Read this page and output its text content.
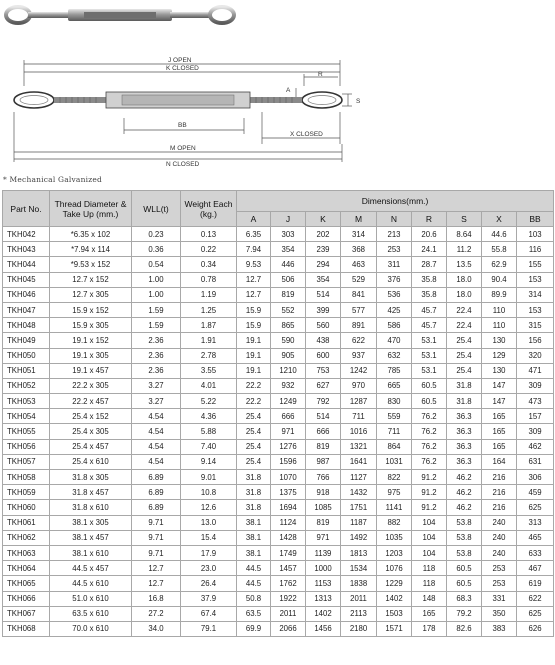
J OPEN
K CLOSED
R
A
S
BB
X CLOSED
M OPEN
N CLOSED
* Mechanical Galvanized
Part No.	Thread Diameter & Take Up (mm.)	WLL(t)	Weight Each (kg.)	Dimensions(mm.)								
				A	J	K	M	N	R	S	X	BB
TKH042	*6.35 x 102	0.23	0.13	6.35	303	202	314	213	20.6	8.64	44.6	103
TKH043	*7.94 x 114	0.36	0.22	7.94	354	239	368	253	24.1	11.2	55.8	116
TKH044	*9.53 x 152	0.54	0.34	9.53	446	294	463	311	28.7	13.5	62.9	155
TKH045	12.7 x 152	1.00	0.78	12.7	506	354	529	376	35.8	18.0	90.4	153
TKH046	12.7 x 305	1.00	1.19	12.7	819	514	841	536	35.8	18.0	89.9	314
TKH047	15.9 x 152	1.59	1.25	15.9	552	399	577	425	45.7	22.4	110	153
TKH048	15.9 x 305	1.59	1.87	15.9	865	560	891	586	45.7	22.4	110	315
TKH049	19.1 x 152	2.36	1.91	19.1	590	438	622	470	53.1	25.4	130	156
TKH050	19.1 x 305	2.36	2.78	19.1	905	600	937	632	53.1	25.4	129	320
TKH051	19.1 x 457	2.36	3.55	19.1	1210	753	1242	785	53.1	25.4	130	471
TKH052	22.2 x 305	3.27	4.01	22.2	932	627	970	665	60.5	31.8	147	309
TKH053	22.2 x 457	3.27	5.22	22.2	1249	792	1287	830	60.5	31.8	147	473
TKH054	25.4 x 152	4.54	4.36	25.4	666	514	711	559	76.2	36.3	165	157
TKH055	25.4 x 305	4.54	5.88	25.4	971	666	1016	711	76.2	36.3	165	309
TKH056	25.4 x 457	4.54	7.40	25.4	1276	819	1321	864	76.2	36.3	165	462
TKH057	25.4 x 610	4.54	9.14	25.4	1596	987	1641	1031	76.2	36.3	164	631
TKH058	31.8 x 305	6.89	9.01	31.8	1070	766	1127	822	91.2	46.2	216	306
TKH059	31.8 x 457	6.89	10.8	31.8	1375	918	1432	975	91.2	46.2	216	459
TKH060	31.8 x 610	6.89	12.6	31.8	1694	1085	1751	1141	91.2	46.2	216	625
TKH061	38.1 x 305	9.71	13.0	38.1	1124	819	1187	882	104	53.8	240	313
TKH062	38.1 x 457	9.71	15.4	38.1	1428	971	1492	1035	104	53.8	240	465
TKH063	38.1 x 610	9.71	17.9	38.1	1749	1139	1813	1203	104	53.8	240	633
TKH064	44.5 x 457	12.7	23.0	44.5	1457	1000	1534	1076	118	60.5	253	467
TKH065	44.5 x 610	12.7	26.4	44.5	1762	1153	1838	1229	118	60.5	253	619
TKH066	51.0 x 610	16.8	37.9	50.8	1922	1313	2011	1402	148	68.3	331	622
TKH067	63.5 x 610	27.2	67.4	63.5	2011	1402	2113	1503	165	79.2	350	625
TKH068	70.0 x 610	34.0	79.1	69.9	2066	1456	2180	1571	178	82.6	383	626
